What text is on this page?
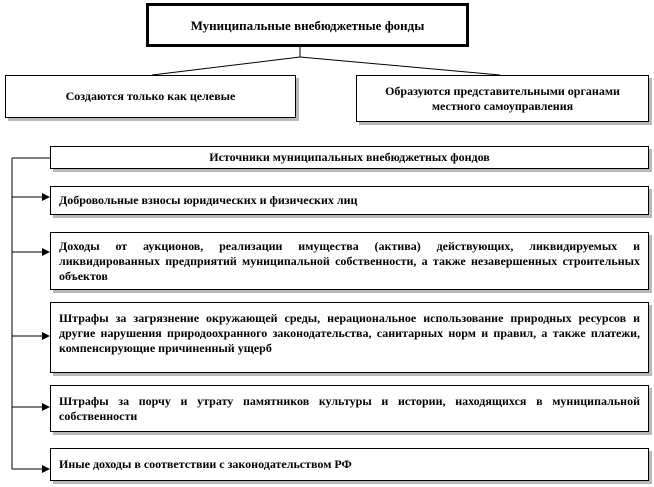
Муниципальные внебюджетные фонды
Создаются только как целевые	Образуются представительными органами местного самоуправления
Источники муниципальных внебюджетных фондов
Добровольные взносы юридических и физических лиц
Доходы от аукционов, реализации имущества (актива) действующих, ликвидируемых и ликвидированных предприятий муниципальной собственности, а также незавершенных строительных объектов
Штрафы за загрязнение окружающей среды, нерациональное использование природных ресурсов и другие нарушения природоохранного законодательства, санитарных норм и правил, а также платежи, компенсирующие причиненный ущерб
Штрафы за порчу и утрату памятников культуры и истории, находящихся в муниципальной собственности
Иные доходы в соответствии с законодательством РФ
